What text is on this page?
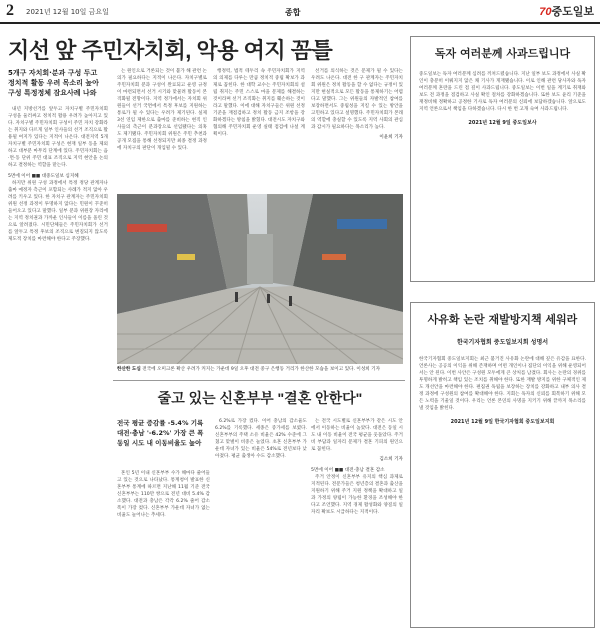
2 2021년 12월 10일 금요일	종합	70중도일보
지선 앞 주민자치회, 악용 여지 꼼틀
5개구 자치회·분과 구성 두고
정치적 활동 우려 목소리 높아
구성 특정정체 잠요사례 나와

내년 지방선거를 앞두고 자치구별 주민자치회 구성을 둘러싸고 정치적 활용 우려가 높아지고 있다. 자치구별 주민자치회 구성이 주민 자치 강화라는 취지와 다르게 일부 인사들의 선거 조직으로 활용될 여지가 있다는 지적이 나온다. 대전지역 5개 자치구별 주민자치회 구성은 현재 일부 동을 제외하고 대부분 마무리 단계에 있다. 주민자치회는 읍·면·동 단위 주민 대표 조직으로 지역 현안을 논의하고 결정하는 역할을 맡는다.

5면에 이어 ■■ 대중도일보 심지혜

하지만 위원 구성 과정에서 특정 정당 관계자나 출마 예정자 측근이 포함되는 사례가 적지 않아 우려를 키우고 있다. 한 자치구 관계자는 주민자치회 위원 선정 과정이 투명하지 않다는 민원이 꾸준히 들어오고 있다고 말했다. 일부 분과 위원장 자리에는 지역 정치권과 가까운 인사들이 이름을 올린 것으로 알려졌다. 시민단체들은 주민자치회가 선거를 앞두고 특정 후보의 조직으로 변질되지 않도록 제도적 장치를 마련해야 한다고 주장했다.

는 원인으로 거론되는 것이 불가 해 관련 논의가 필요하다는 지적이 나온다. 자치구별로 주민자치회 분과 구성이 완료되고 운영 규정이 마련되면서 선거 시기와 맞물려 활동이 본격화될 전망이다. 지역 정가에서는 자치회 위원들이 선거 국면에서 특정 후보를 지원하는 통로가 될 수 있다는 우려가 제기된다. 실제 3선 연임 제한으로 출마를 준비하는 현직 인사들의 측근이 분과장으로 선임됐다는 의혹도 제기됐다. 주민자치회 위원은 주민 추천과 공개 모집을 통해 선정되지만 최종 결정 과정에 자치구의 판단이 개입될 수 있다.

행정력, 법적 테두리 속 주민자치회가 지역의 의제를 다루는 만큼 정치적 중립 확보가 과제로 꼽힌다. 한 대학 교수는 주민자치회의 설립 취지는 주민 스스로 마을 문제를 해결하는 것이라며 선거 조직화는 취지를 훼손하는 것이라고 말했다. 이에 대해 자치구들은 위원 선정 기준을 재점검하고 정치 활동 금지 조항을 강화하겠다는 방침을 밝혔다. 대전시도 자치구와 협의해 주민자치회 운영 실태 점검에 나설 계획이다.

선거를 의식하는 것은 문제가 될 수 있다는 우려도 나온다. 대전 한 구 관계자는 주민자치회 위원은 정치 활동을 할 수 없다는 규정이 있지만 현실적으로 모든 활동을 통제하기는 어렵다고 말했다. 그는 위원들의 자발적인 참여를 보장하면서도 중립성을 지킬 수 있는 방안을 고민하고 있다고 설명했다. 주민자치회가 본래의 역할에 충실할 수 있도록 지역 사회의 관심과 감시가 필요하다는 목소리가 높다.

이윤희 기자
한산한 도심 전국에 오미크론 확산 우려가 커지는 가운데 9일 오후 대전 중구 은행동 거리가 한산한 모습을 보이고 있다. 이성희 기자
줄고 있는 신혼부부 "결혼 안한다"
전국 평균 증감률 -5.4% 기록
대전·충남 '-6.2%' 가장 큰 폭
동일 시도 내 이동비율도 높아

혼인 5년 이내 신혼부부 수가 해마다 줄어들고 있는 것으로 나타났다. 통계청이 발표한 신혼부부 통계에 따르면 지난해 11월 기준 전국 신혼부부는 110만 쌍으로 전년 대비 5.4% 감소했다. 대전과 충남은 각각 6.2% 줄어 감소 폭이 가장 컸다. 신혼부부 가운데 자녀가 없는 비율도 늘어나는 추세다.

6.2%로 가장 컸다. 이어 충남의 감소율도 6.2%를 기록했다. 세종은 증가세를 보였다. 신혼부부의 주택 소유 비율은 42% 수준에 그쳤고 맞벌이 비중은 늘었다. 초혼 신혼부부 가운데 자녀가 있는 비율은 54%로 전년보다 낮아졌다. 평균 출생아 수도 감소했다.

는 전국 시도별로 신혼부부가 같은 시도 안에서 이동하는 비율이 높았다. 대전은 동일 시도 내 이동 비율이 전국 평균을 웃돌았다. 주거비 부담과 일자리 문제가 결혼 기피의 원인으로 꼽힌다.

김소희 기자
5면에 이어 ■■ 대전·충남 결혼 감소

주거 안정이 신혼부부 유지의 핵심 과제로 지적된다. 전문가들은 청년층의 결혼과 출산을 지원하기 위해 주거 지원 정책을 확대하고 일과 가정의 양립이 가능한 환경을 조성해야 한다고 조언했다. 지역 경제 활성화와 양질의 일자리 확보도 시급하다는 지적이다.

독자 여러분께 사과드립니다
중도일보는 독자 여러분께 심려를 끼쳐드렸습니다. 지난 일부 보도 과정에서 사실 확인이 충분히 이뤄지지 않은 채 기사가 게재됐습니다. 이로 인해 관련 당사자와 독자 여러분께 혼란을 드린 점 깊이 사과드립니다. 중도일보는 이번 일을 계기로 취재와 보도 전 과정을 점검하고 사실 확인 절차를 강화하겠습니다. 또한 보도 윤리 기준을 재정비해 정확하고 공정한 기사로 독자 여러분의 신뢰에 보답하겠습니다. 앞으로도 지역 언론으로서 책임을 다하겠습니다. 다시 한 번 고개 숙여 사과드립니다.
2021년 12월 9일 중도일보사
사유화 논란 재발방지책 세워라
한국기자협회 중도일보지회 성명서
한국기자협회 중도일보지회는 최근 불거진 사유화 논란에 대해 깊은 유감을 표한다. 언론사는 공공의 이익을 위해 존재하며 어떤 개인이나 집단의 이익을 위해 운영되어서는 안 된다. 이번 사안은 구성원 모두에게 큰 상처를 남겼다. 회사는 논란의 경위를 투명하게 밝히고 책임 있는 조치를 취해야 한다. 또한 재발 방지를 위한 구체적인 제도 개선안을 마련해야 한다. 편집권 독립을 보장하는 장치를 강화하고 내부 의사 결정 과정에 구성원의 참여를 확대해야 한다. 지회는 독자의 신뢰를 회복하기 위해 모든 노력을 기울일 것이다. 우리는 언론 본연의 사명을 지키기 위해 끝까지 목소리를 낼 것임을 밝힌다.
2021년 12월 9일 한국기자협회 중도일보지회
